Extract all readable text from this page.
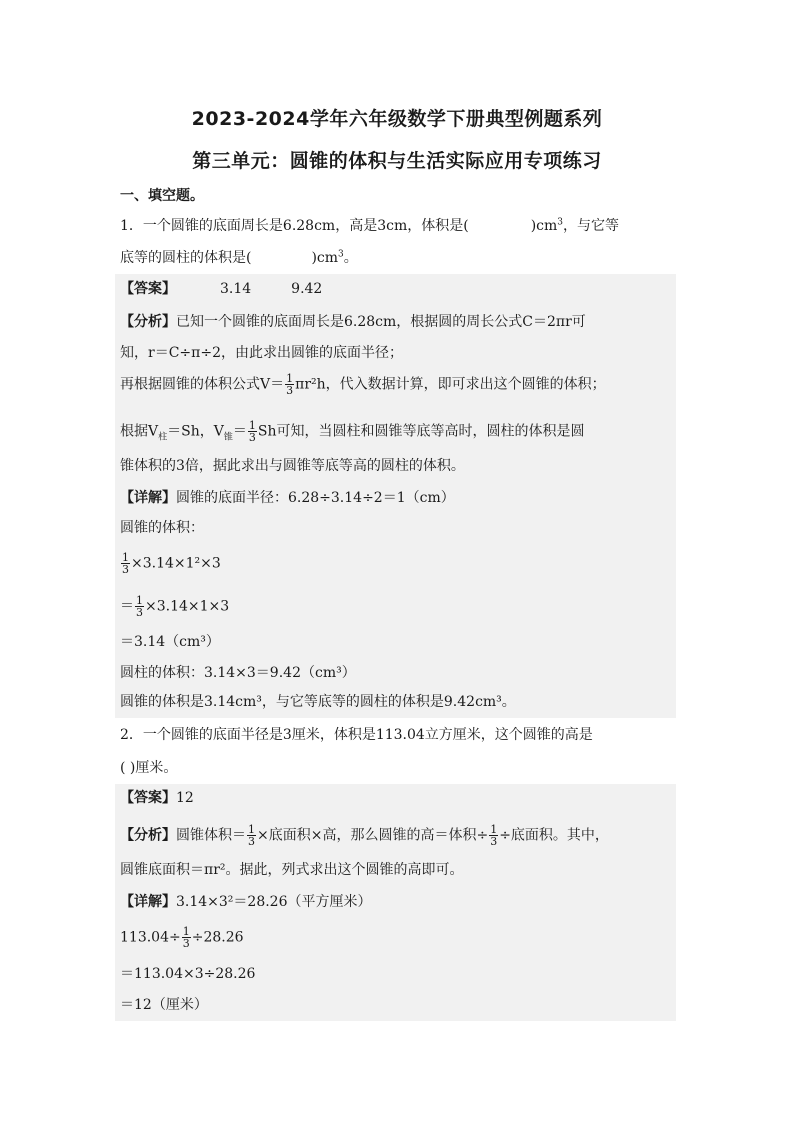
2023-2024学年六年级数学下册典型例题系列
第三单元：圆锥的体积与生活实际应用专项练习
一、填空题。
1．一个圆锥的底面周长是6.28cm，高是3cm，体积是(	)$cm^3$，与它等
底等的圆柱的体积是(	)$cm^3$。
【答案】	3.14	9.42
【分析】已知一个圆锥的底面周长是6.28cm，根据圆的周长公式C＝2πr可
知，r＝C÷π÷2，由此求出圆锥的底面半径；
再根据圆锥的体积公式$V= \frac{1}{3} \pi r^2h$，代入数据计算，即可求出这个圆锥的体积；
根据$V_柱=Sh$，$V_锥= \frac{1}{3}$ Sh可知，当圆柱和圆锥等底等高时，圆柱的体积是圆
锥体积的3倍，据此求出与圆锥等底等高的圆柱的体积。
【详解】圆锥的底面半径：6.28÷3.14÷2＝1（cm）
圆锥的体积：
$\frac{1}{3} \times 3.14\times 1^2\times 3$
＝ $\frac{1}{3} \times 3.14\times 1\times 3$
＝3.14（cm³）
圆柱的体积：3.14×3＝9.42（cm³）
圆锥的体积是3.14cm³，与它等底等的圆柱的体积是9.42cm³。
2．一个圆锥的底面半径是3厘米，体积是113.04立方厘米，这个圆锥的高是
( )厘米。
【答案】12
【分析】圆锥体积＝ $\frac{1}{3}$ ×底面积×高，那么圆锥的高＝体积÷ $\frac{1}{3}$ ÷底面积。其中，
圆锥底面积＝πr²。据此，列式求出这个圆锥的高即可。
【详解】3.14×3²＝28.26（平方厘米）
$113.04\div \frac{1}{3} \div 28.26$
＝113.04×3÷28.26
＝12（厘米）
